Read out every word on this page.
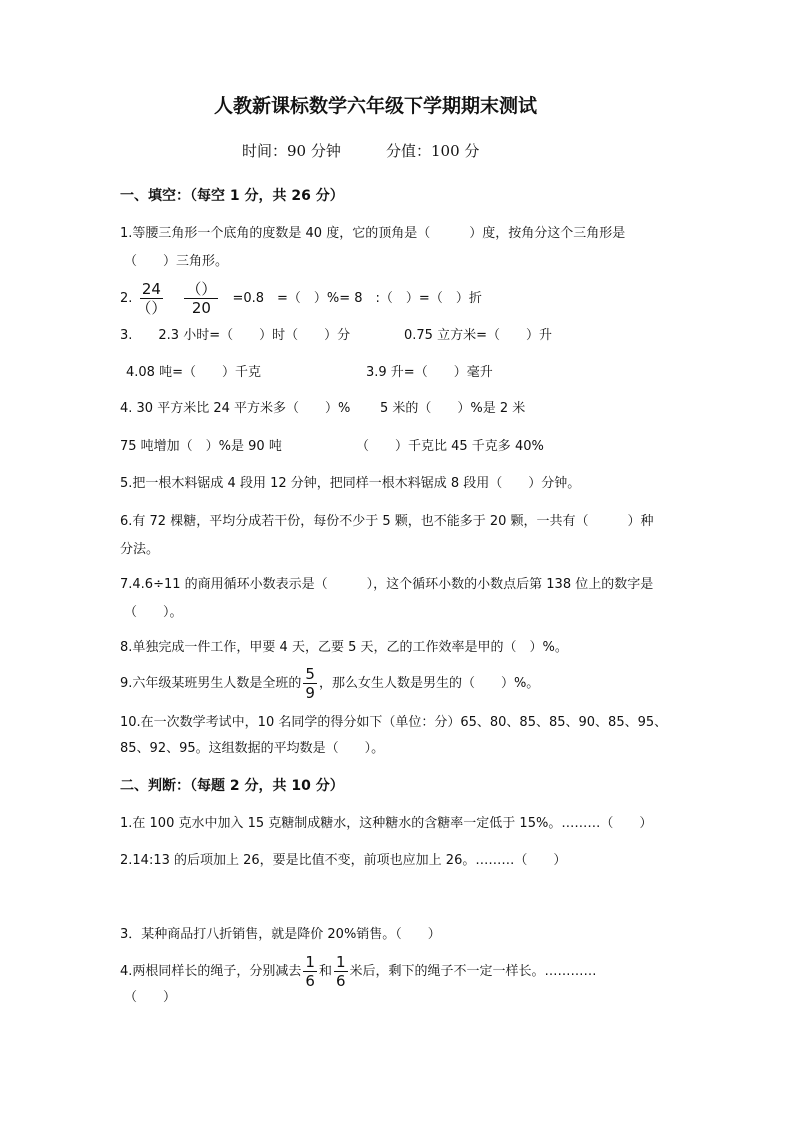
人教新课标数学六年级下学期期末测试
时间：90 分钟	分值：100 分
一、填空：（每空 1 分，共 26 分）
1.等腰三角形一个底角的度数是 40 度，它的顶角是（　　　）度，按角分这个三角形是
（　　）三角形。
2. $\frac{24}{()} \frac{()}{20} =0.8$　=（　）%= 8　:（　）=（　）折
3.　　2.3 小时=（　　）时（　　）分	0.75 立方米=（　　）升
4.08 吨=（　　）千克	3.9 升=（　　）毫升
4. 30 平方米比 24 平方米多（　　）% 5 米的（　　）%是 2 米
75 吨增加（　）%是 90 吨	（　　）千克比 45 千克多 40%
5.把一根木料锯成 4 段用 12 分钟，把同样一根木料锯成 8 段用（　　）分钟。
6.有 72 棵糖，平均分成若干份，每份不少于 5 颗，也不能多于 20 颗，一共有（　　　）种
分法。
7.4.6÷11 的商用循环小数表示是（　　　），这个循环小数的小数点后第 138 位上的数字是
（　　）。
8.单独完成一件工作，甲要 4 天，乙要 5 天，乙的工作效率是甲的（　）%。
9.六年级某班男生人数是全班的 $\frac{5}{9}$ ，那么女生人数是男生的（　　）%。
10.在一次数学考试中，10 名同学的得分如下（单位：分）65、80、85、85、90、85、95、
85、92、95。这组数据的平均数是（　　）。
二、判断：（每题 2 分，共 10 分）
1.在 100 克水中加入 15 克糖制成糖水，这种糖水的含糖率一定低于 15%。………（　　）
2.14:13 的后项加上 26，要是比值不变，前项也应加上 26。………（　　）
3．某种商品打八折销售，就是降价 20%销售。（　　）
4.两根同样长的绳子，分别减去 $\frac{1}{6}$ 和 $\frac{1}{6}$ 米后，剩下的绳子不一定一样长。…………
（　　）
